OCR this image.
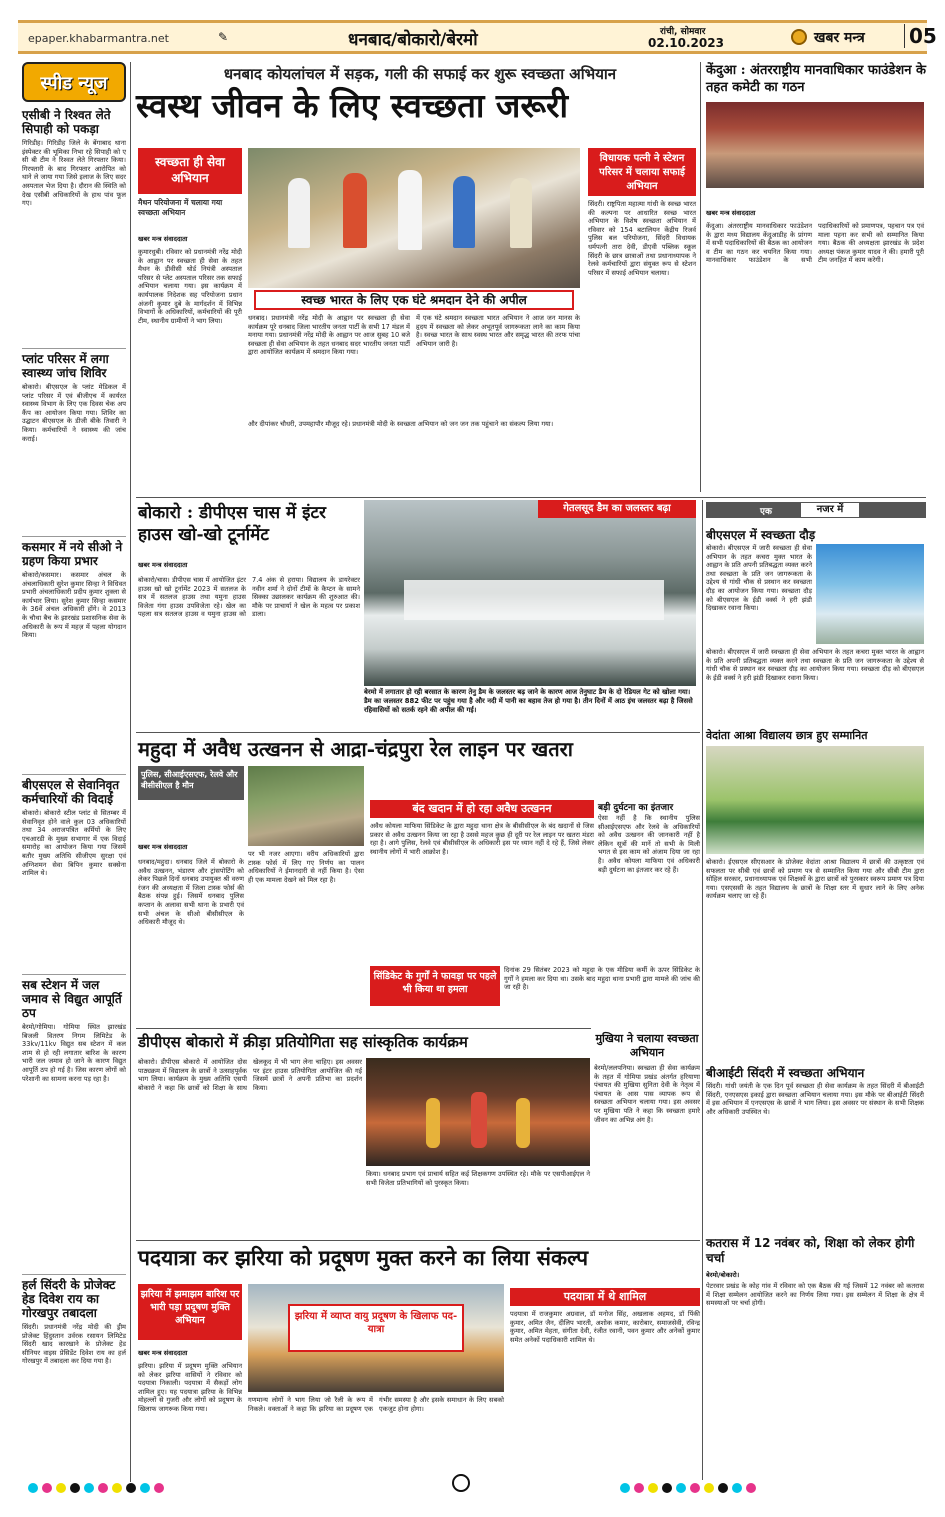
epaper.khabarmantra.net	✎	धनबाद/बोकारो/बेरमो	रांची, सोमवार
02.10.2023	खबर मन्त्र 05
स्पीड न्यूज
एसीबी ने रिश्वत लेते सिपाही को पकड़ा
गिरिडीह। गिरिडीह जिले के बेंगाबाद थाना इंस्पेक्टर की भूमिका निभा रहे सिपाही को ए सी बी टीम ने रिश्वत लेते गिरफ्तार किया। गिरफ्तारी के बाद गिरफ्तार आरोपित को थाने ले जाया गया जिसे इलाज के लिए सदर अस्पताल भेज दिया है। दौरान की स्थिति को देख एसीबी अधिकारियों के हाथ पांव फूल गए।
प्लांट परिसर में लगा स्वास्थ्य जांच शिविर
बोकारो। बीएसएल के प्लांट मेडिकल में प्लांट परिसर में एवं बीजीएच में कार्यरत स्वास्थ्य विभाग के लिए एक दिवस चेक अप कैंप का आयोजन किया गया। शिविर का उद्घाटन बीएसएल के डीजी बीके तिवारी ने किया। कर्मचारियों ने स्वास्थ्य की जांच कराई।
कसमार में नये सीओ ने ग्रहण किया प्रभार
बोकारो/कसमार। कसमार अंचल के अंचलाधिकारी सुरेश कुमार सिन्हा ने विधिवत प्रभारी अंचलाधिकारी प्रदीप कुमार शुक्ला से कार्यभार लिया। सुरेश कुमार सिन्हा कसमार के 36वें अंचल अधिकारी होंगे। वे 2013 के चौथा बैच के झारखंड प्रशासनिक सेवा के अधिकारी के रूप में महज़ में पहला योगदान किया।
बीएसएल से सेवानिवृत कर्मचारियों की विदाई
बोकारो। बोकारो स्टील प्लांट से सितम्बर में सेवानिवृत होने वाले कुल 03 अधिकारियों तथा 34 अराजपत्रित कर्मियों के लिए एचआरडी के मुख्य सभागार में एक विदाई समारोह का आयोजन किया गया जिसमें बतौर मुख्य अतिथि सीजीएम सुरक्षा एवं अग्निशमन सेवा बिपिन कुमार सक्सेना शामिल थे।
सब स्टेशन में जल जमाव से विद्युत आपूर्ति ठप
बेरमो/गोमिया। गोमिया स्थित झारखंड बिजली वितरण निगम लिमिटेड के 33kv/11kv विद्युत सब स्टेशन में कल शाम से हो रही लगातार बारिश के कारण भारी जल जमाव हो जाने के कारण विद्युत आपूर्ति ठप हो गई है। जिस कारण लोगों को परेशानी का सामना करना पड़ रहा है।
हर्ल सिंदरी के प्रोजेक्ट हेड दिवेश राय का गोरखपुर तबादला
सिंदरी। प्रधानमंत्री नरेंद्र मोदी की ड्रीम प्रोजेक्ट हिंदुस्तान उर्वरक रसायन लिमिटेड सिंदरी खाद कारखाने के प्रोजेक्ट हेड सीनियर वाइस प्रेसिडेंट दिवेश राय का हर्ल गोरखपुर में तबादला कर दिया गया है।
धनबाद कोयलांचल में सड़क, गली की सफाई कर शुरू स्वच्छता अभियान
स्वस्थ जीवन के लिए स्वच्छता जरूरी
स्वच्छता ही सेवा अभियान
मैथन परियोजना में चलाया गया स्वच्छता अभियान
खबर मन्त्र संवाददाता
कुमारधुबी। रविवार को प्रधानमंत्री नरेंद्र मोदी के आह्वान पर स्वच्छता ही सेवा के तहत मैथन के डीवीसी थोर्ड नियंत्री अस्पताल परिसर से प्लेट अस्पताल परिसर तक सफाई अभियान चलाया गया। इस कार्यक्रम में कार्यपालक निदेशक सह परियोजना प्रधान अंजनी कुमार दुबे के मार्गदर्शन में विभिन्न विभागों के अधिकारियों, कर्मचारियों की पूरी टीम, स्थानीय ग्रामीणों ने भाग लिया।
स्वच्छ भारत के लिए एक घंटे श्रमदान देने की अपील
धनबाद। प्रधानमंत्री नरेंद्र मोदी के आह्वान पर स्वच्छता ही सेवा कार्यक्रम पूरे धनबाद जिला भारतीय जनता पार्टी के सभी 17 मंडल में मनाया गया। प्रधानमंत्री नरेंद्र मोदी के आह्वान पर आज सुबह 10 बजे स्वच्छता ही सेवा अभियान के तहत धनबाद सदर भारतीय जनता पार्टी द्वारा आयोजित कार्यक्रम में श्रमदान किया गया।
में एक घंटे श्रमदान स्वच्छता भारत अभियान ने आज जन मानस के हृदय में स्वच्छता को लेकर अभूतपूर्व जागरूकता लाने का काम किया है। स्वच्छ भारत के साथ स्वस्थ भारत और समृद्ध भारत की तरफ पांचा अभियान जारी है।
और दीपांकर चौधरी, उपमहापौर मौजूद रहे। प्रधानमंत्री मोदी के स्वच्छता अभियान को जन जन तक पहुंचाने का संकल्प लिया गया।
विधायक पत्नी ने स्टेशन परिसर में चलाया सफाई अभियान
सिंदरी। राष्ट्रपिता महात्मा गांधी के स्वच्छ भारत की कल्पना पर आधारित स्वच्छ भारत अभियान के विशेष स्वच्छता अभियान में रविवार को 154 बटालियन केंद्रीय रिजर्व पुलिस बल परियोजना, सिंदरी विधायक धर्मपत्नी तारा देवी, डीएवी पब्लिक स्कूल सिंदरी के छात्र छात्राओं तथा प्रधानाध्यापक ने रेलवे कर्मचारियों द्वारा संयुक्त रूप से स्टेशन परिसर में सफाई अभियान चलाया।
केंदुआ : अंतरराष्ट्रीय मानवाधिकार फाउंडेशन के तहत कमेटी का गठन
खबर मन्त्र संवाददाता
केंदुआ। अंतरराष्ट्रीय मानवाधिकार फाउंडेशन के द्वारा मध्य विद्यालय केंदुआडीह के प्रांगण में सभी पदाधिकारियों की बैठक का आयोजन व टीम का गठन कर चयनित किया गया। मानवाधिकार फाउंडेशन के सभी पदाधिकारियों को प्रमाणपत्र, पहचान पत्र एवं माला पहना कर सभी को सम्मानित किया गया। बैठक की अध्यक्षता झारखंड के प्रदेश अध्यक्ष पंकज कुमार यादव ने की। हमारी पूरी टीम जनहित में काम करेगी।
बोकारो : डीपीएस चास में इंटर हाउस खो-खो टूर्नामेंट
खबर मन्त्र संवाददाता
बोकारो/चास। डीपीएस चास में आयोजित इंटर हाउस खो खो टूर्नामेंट 2023 में सतलज के सत्र में सतलज हाउस तथा यमुना हाउस विजेता गंगा हाउस उपविजेता रहे। खेल का पहला सत्र सतलज हाउस व यमुना हाउस को 7.4 अंक से हराया। विद्यालय के डायरेक्टर नवीन शर्मा ने दोनों टीमों के कैप्टन के सामने सिक्का उछालकर कार्यक्रम की शुरुआत की। मौके पर प्राचार्या ने खेल के महत्व पर प्रकाश डाला।
गेतलसूद डैम का जलस्तर बढ़ा
बेरमो में लगातार हो रही बरसात के कारण तेनु डैम के जलस्तर बढ़ जाने के कारण आज तेनुघाट डैम के दो रेडियल गेट को खोला गया। डैम का जलस्तर 882 फीट पर पहुंच गया है और नदी में पानी का बहाव तेज हो गया है। तीन दिनों में आठ इंच जलस्तर बढ़ा है जिससे रहिवासियों को सतर्क रहने की अपील की गई।
एक	नजर में
बीएसएल में स्वच्छता दौड़
बोकारो। बीएसएल में जारी स्वच्छता ही सेवा अभियान के तहत कचरा मुक्त भारत के आह्वान के प्रति अपनी प्रतिबद्धता व्यक्त करने तथा स्वच्छता के प्रति जन जागरूकता के उद्देश्य से गांधी चौक से प्रस्थान कर स्वच्छता दौड़ का आयोजन किया गया। स्वच्छता दौड़ को बीएसएल के ईडी वर्क्स ने हरी झंडी दिखाकर रवाना किया।
बोकारो। बीएसएल में जारी स्वच्छता ही सेवा अभियान के तहत कचरा मुक्त भारत के आह्वान के प्रति अपनी प्रतिबद्धता व्यक्त करने तथा स्वच्छता के प्रति जन जागरूकता के उद्देश्य से गांधी चौक से प्रस्थान कर स्वच्छता दौड़ का आयोजन किया गया। स्वच्छता दौड़ को बीएसएल के ईडी वर्क्स ने हरी झंडी दिखाकर रवाना किया।
वेदांता आश्रा विद्यालय छात्र हुए सम्मानित
बोकारो। ईएसएल सीएसआर के प्रोजेक्ट वेदांता आश्रा विद्यालय में छात्रों की उत्कृष्टता एवं सफलता पर सीबी एवं छात्रों को प्रमाण पत्र से सम्मानित किया गया और सीबी टीम द्वारा सोहिल सरकार, प्रधानाध्यापक एवं शिक्षकों के द्वारा छात्रों को पुरस्कार स्वरूप प्रमाण पत्र दिया गया। एसएससी के तहत विद्यालय के छात्रों के शिक्षा स्तर में सुधार लाने के लिए अनेक कार्यक्रम चलाए जा रहे हैं।
महुदा में अवैध उत्खनन से आद्रा-चंद्रपुरा रेल लाइन पर खतरा
पुलिस, सीआईएसएफ, रेलवे और बीसीसीएल है मौन
खबर मन्त्र संवाददाता
धनबाद/महुदा। धनबाद जिले में बोकारो के अवैध उत्खनन, भंडारण और ट्रांसपोर्टिंग को लेकर पिछले दिनों धनबाद उपायुक्त श्री वरुण रंजन की अध्यक्षता में जिला टास्क फोर्स की बैठक संपन्न हुई। जिसमें धनबाद पुलिस कप्तान के अलावा सभी थाना के प्रभारी एवं सभी अंचल के सीओ बीसीसीएल के अधिकारी मौजूद थे।
पर भी नजर आएगा। वरीय अधिकारियों द्वारा टास्क फोर्स में लिए गए निर्णय का पालन अधिकारियों ने ईमानदारी से नहीं किया है। ऐसा ही एक मामला देखने को मिल रहा है।
बंद खदान में हो रहा अवैध उत्खनन
अवैध कोयला माफिया सिंडिकेट के द्वारा महुदा थाना क्षेत्र के बीसीसीएल के बंद खदानों से जिस प्रकार से अवैध उत्खनन किया जा रहा है उससे महज कुछ ही दूरी पर रेल लाइन पर खतरा मंडरा रहा है। आगे पुलिस, रेलवे एवं बीसीसीएल के अधिकारी इस पर ध्यान नहीं दे रहे हैं, जिसे लेकर स्थानीय लोगों में भारी आक्रोश है।
बड़ी दुर्घटना का इंतजार
ऐसा नहीं है कि स्थानीय पुलिस सीआईएसएफ और रेलवे के अधिकारियों को अवैध उत्खनन की जानकारी नहीं है लेकिन सूत्रों की मानें तो सभी के मिली भगत से इस काम को अंजाम दिया जा रहा है। अवैध कोयला माफिया एवं अधिकारी बड़ी दुर्घटना का इंतजार कर रहे हैं।
सिंडिकेट के गुर्गों ने फावड़ा पर पहले भी किया था हमला
दिनांक 29 सितंबर 2023 को महुदा के एक मीडिया कर्मी के ऊपर सिंडिकेट के गुर्गों ने हमला कर दिया था। उसके बाद महुदा थाना प्रभारी द्वारा मामले की जांच की जा रही है।
डीपीएस बोकारो में क्रीड़ा प्रतियोगिता सह सांस्कृतिक कार्यक्रम
बोकारो। डीपीएस बोकारो में आयोजित दोस पाठ्यक्रम में विद्यालय के छात्रों ने उत्साहपूर्वक भाग लिया। कार्यक्रम के मुख्य अतिथि एसपी बोकारो ने कहा कि छात्रों को शिक्षा के साथ खेलकूद में भी भाग लेना चाहिए। इस अवसर पर इंटर हाउस प्रतियोगिता आयोजित की गई जिसमें छात्रों ने अपनी प्रतिभा का प्रदर्शन किया।
किया। धनबाद प्रभाग एवं प्राचार्य सहित कई शिक्षकगण उपस्थित रहे। मौके पर एसपीआईएल ने सभी विजेता प्रतिभागियों को पुरस्कृत किया।
मुखिया ने चलाया स्वच्छता अभियान
बेरमो/ललपनिया। स्वच्छता ही सेवा कार्यक्रम के तहत में गोमिया प्रखंड अंतर्गत हरियाणा पंचायत की मुखिया सुनिता देवी के नेतृत्व में पंचायत के आस पास व्यापक रूप से स्वच्छता अभियान चलाया गया। इस अवसर पर मुखिया पति ने कहा कि स्वच्छता हमारे जीवन का अभिन्न अंग है।
बीआईटी सिंदरी में स्वच्छता अभियान
सिंदरी। गांधी जयंती के एक दिन पूर्व स्वच्छता ही सेवा कार्यक्रम के तहत सिंदरी में बीआईटी सिंदरी, एनएसएस इकाई द्वारा स्वच्छता अभियान चलाया गया। इस मौके पर बीआईटी सिंदरी में इस अभियान में एनएसएस के छात्रों ने भाग लिया। इस अवसर पर संस्थान के सभी शिक्षक और अधिकारी उपस्थित थे।
कतरास में 12 नवंबर को, शिक्षा को लेकर होगी चर्चा
बेरमो/बोकारो।
पेटरवार प्रखंड के कोह गांव में रविवार को एक बैठक की गई जिसमें 12 नवंबर को कतरास में शिक्षा सम्मेलन आयोजित करने का निर्णय लिया गया। इस सम्मेलन में शिक्षा के क्षेत्र में समस्याओं पर चर्चा होगी।
पदयात्रा कर झरिया को प्रदूषण मुक्त करने का लिया संकल्प
झरिया में झमाझम बारिश पर भारी पड़ा प्रदूषण मुक्ति अभियान
खबर मन्त्र संवाददाता
झरिया। झरिया में प्रदूषण मुक्ति अभियान को लेकर झरिया वासियों ने रविवार को पदयात्रा निकाली। पदयात्रा में सैकड़ों लोग शामिल हुए। यह पदयात्रा झरिया के विभिन्न मोहल्लों से गुजरी और लोगों को प्रदूषण के खिलाफ जागरूक किया गया।
झरिया में व्याप्त वायु प्रदूषण के खिलाफ पद-यात्रा
गणमान्य लोगों ने भाग लिया जो रैली के रूप में निकले। वक्ताओं ने कहा कि झरिया का प्रदूषण एक गंभीर समस्या है और इसके समाधान के लिए सबको एकजुट होना होगा।
पदयात्रा में थे शामिल
पदयात्रा में राजकुमार अग्रवाल, डॉ मनोज सिंह, अखलाक अहमद, डॉ पिंकी कुमार, अमित जैन, दीलिप भारती, अशोक कमार, कारोबार, समाजसेवी, रविन्द्र कुमार, अमित मेहता, संगीता देवी, रंजीत रवानी, पवन कुमार और अनेकों कुमार समेत अनेकों पदाधिकारी शामिल थे।
